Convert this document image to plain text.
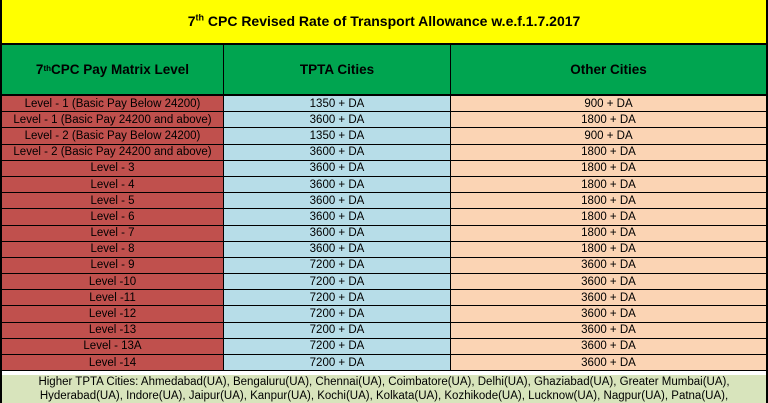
7th CPC Revised Rate of Transport Allowance w.e.f.1.7.2017
7th CPC Pay Matrix Level	TPTA Cities	Other Cities
Level - 1 (Basic Pay Below 24200)	1350 + DA	900 + DA
Level - 1 (Basic Pay 24200 and above)	3600 + DA	1800 + DA
Level - 2 (Basic Pay Below 24200)	1350 + DA	900 + DA
Level - 2 (Basic Pay 24200 and above)	3600 + DA	1800 + DA
Level - 3	3600 + DA	1800 + DA
Level - 4	3600 + DA	1800 + DA
Level - 5	3600 + DA	1800 + DA
Level - 6	3600 + DA	1800 + DA
Level - 7	3600 + DA	1800 + DA
Level - 8	3600 + DA	1800 + DA
Level - 9	7200 + DA	3600 + DA
Level -10	7200 + DA	3600 + DA
Level -11	7200 + DA	3600 + DA
Level -12	7200 + DA	3600 + DA
Level -13	7200 + DA	3600 + DA
Level - 13A	7200 + DA	3600 + DA
Level -14	7200 + DA	3600 + DA
Higher TPTA Cities: Ahmedabad(UA), Bengaluru(UA), Chennai(UA), Coimbatore(UA), Delhi(UA), Ghaziabad(UA), Greater Mumbai(UA),
Hyderabad(UA), Indore(UA), Jaipur(UA), Kanpur(UA), Kochi(UA), Kolkata(UA), Kozhikode(UA), Lucknow(UA), Nagpur(UA), Patna(UA),
